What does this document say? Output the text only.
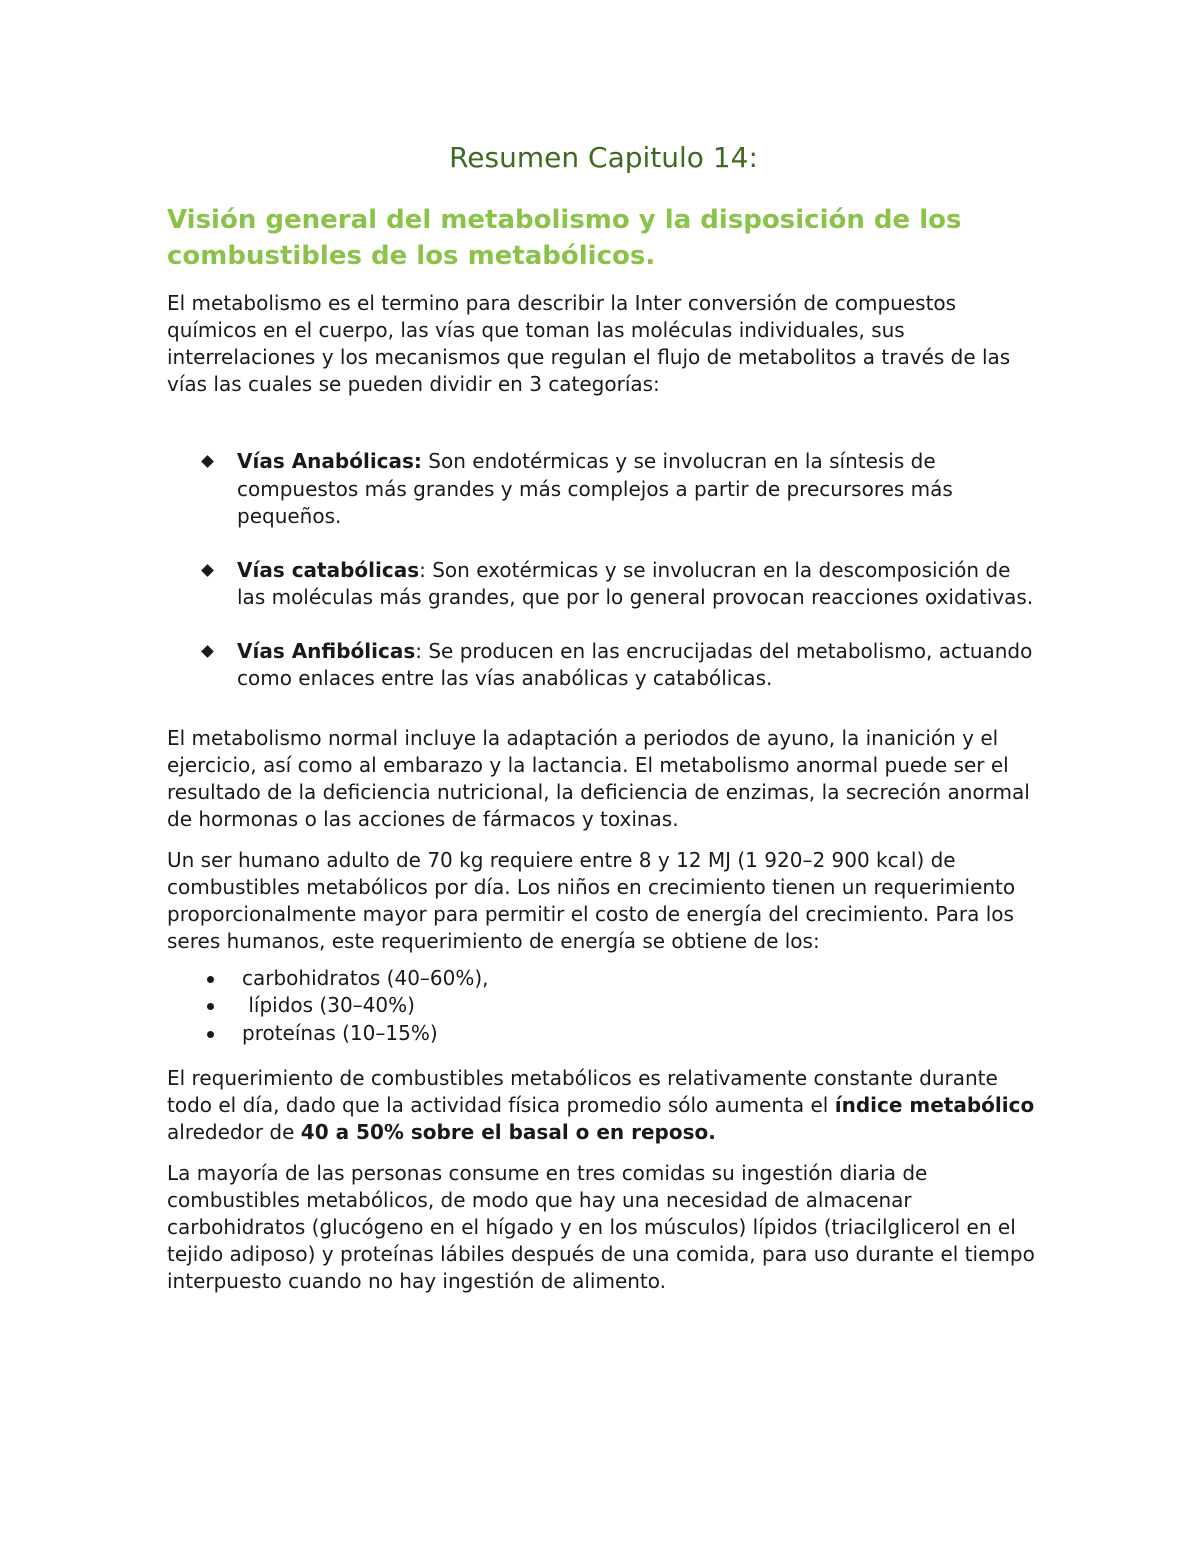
Resumen Capitulo 14:
Visión general del metabolismo y la disposición de los combustibles de los metabólicos.

El metabolismo es el termino para describir la Inter conversión de compuestos químicos en el cuerpo, las vías que toman las moléculas individuales, sus interrelaciones y los mecanismos que regulan el flujo de metabolitos a través de las vías las cuales se pueden dividir en 3 categorías:

Vías Anabólicas: Son endotérmicas y se involucran en la síntesis de compuestos más grandes y más complejos a partir de precursores más pequeños.
Vías catabólicas: Son exotérmicas y se involucran en la descomposición de las moléculas más grandes, que por lo general provocan reacciones oxidativas.
Vías Anfibólicas: Se producen en las encrucijadas del metabolismo, actuando como enlaces entre las vías anabólicas y catabólicas.

El metabolismo normal incluye la adaptación a periodos de ayuno, la inanición y el ejercicio, así como al embarazo y la lactancia. El metabolismo anormal puede ser el resultado de la deficiencia nutricional, la deficiencia de enzimas, la secreción anormal de hormonas o las acciones de fármacos y toxinas.

Un ser humano adulto de 70 kg requiere entre 8 y 12 MJ (1 920–2 900 kcal) de combustibles metabólicos por día. Los niños en crecimiento tienen un requerimiento proporcionalmente mayor para permitir el costo de energía del crecimiento. Para los seres humanos, este requerimiento de energía se obtiene de los:

carbohidratos (40–60%),
lípidos (30–40%)
proteínas (10–15%)

El requerimiento de combustibles metabólicos es relativamente constante durante todo el día, dado que la actividad física promedio sólo aumenta el índice metabólico alrededor de 40 a 50% sobre el basal o en reposo.

La mayoría de las personas consume en tres comidas su ingestión diaria de combustibles metabólicos, de modo que hay una necesidad de almacenar carbohidratos (glucógeno en el hígado y en los músculos) lípidos (triacilglicerol en el tejido adiposo) y proteínas lábiles después de una comida, para uso durante el tiempo interpuesto cuando no hay ingestión de alimento.
